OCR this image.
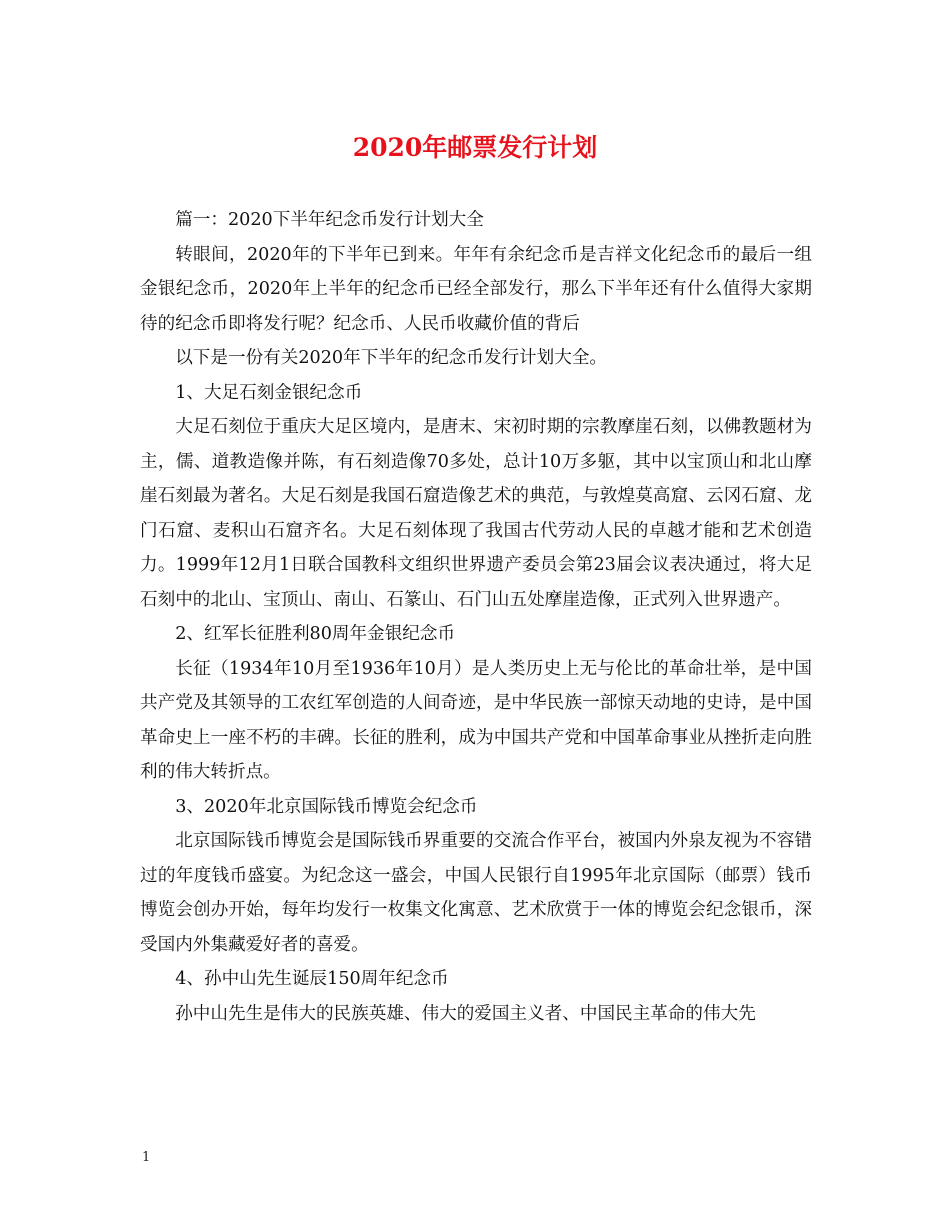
2020年邮票发行计划

篇一：2020下半年纪念币发行计划大全

转眼间，2020年的下半年已到来。年年有余纪念币是吉祥文化纪念币的最后一组金银纪念币，2020年上半年的纪念币已经全部发行，那么下半年还有什么值得大家期待的纪念币即将发行呢？纪念币、人民币收藏价值的背后

以下是一份有关2020年下半年的纪念币发行计划大全。

1、大足石刻金银纪念币

大足石刻位于重庆大足区境内，是唐末、宋初时期的宗教摩崖石刻，以佛教题材为主，儒、道教造像并陈，有石刻造像70多处，总计10万多躯，其中以宝顶山和北山摩崖石刻最为著名。大足石刻是我国石窟造像艺术的典范，与敦煌莫高窟、云冈石窟、龙门石窟、麦积山石窟齐名。大足石刻体现了我国古代劳动人民的卓越才能和艺术创造力。1999年12月1日联合国教科文组织世界遗产委员会第23届会议表决通过，将大足石刻中的北山、宝顶山、南山、石篆山、石门山五处摩崖造像，正式列入世界遗产。

2、红军长征胜利80周年金银纪念币

长征（1934年10月至1936年10月）是人类历史上无与伦比的革命壮举，是中国共产党及其领导的工农红军创造的人间奇迹，是中华民族一部惊天动地的史诗，是中国革命史上一座不朽的丰碑。长征的胜利，成为中国共产党和中国革命事业从挫折走向胜利的伟大转折点。

3、2020年北京国际钱币博览会纪念币

北京国际钱币博览会是国际钱币界重要的交流合作平台，被国内外泉友视为不容错过的年度钱币盛宴。为纪念这一盛会，中国人民银行自1995年北京国际（邮票）钱币博览会创办开始，每年均发行一枚集文化寓意、艺术欣赏于一体的博览会纪念银币，深受国内外集藏爱好者的喜爱。

4、孙中山先生诞辰150周年纪念币

孙中山先生是伟大的民族英雄、伟大的爱国主义者、中国民主革命的伟大先

1
